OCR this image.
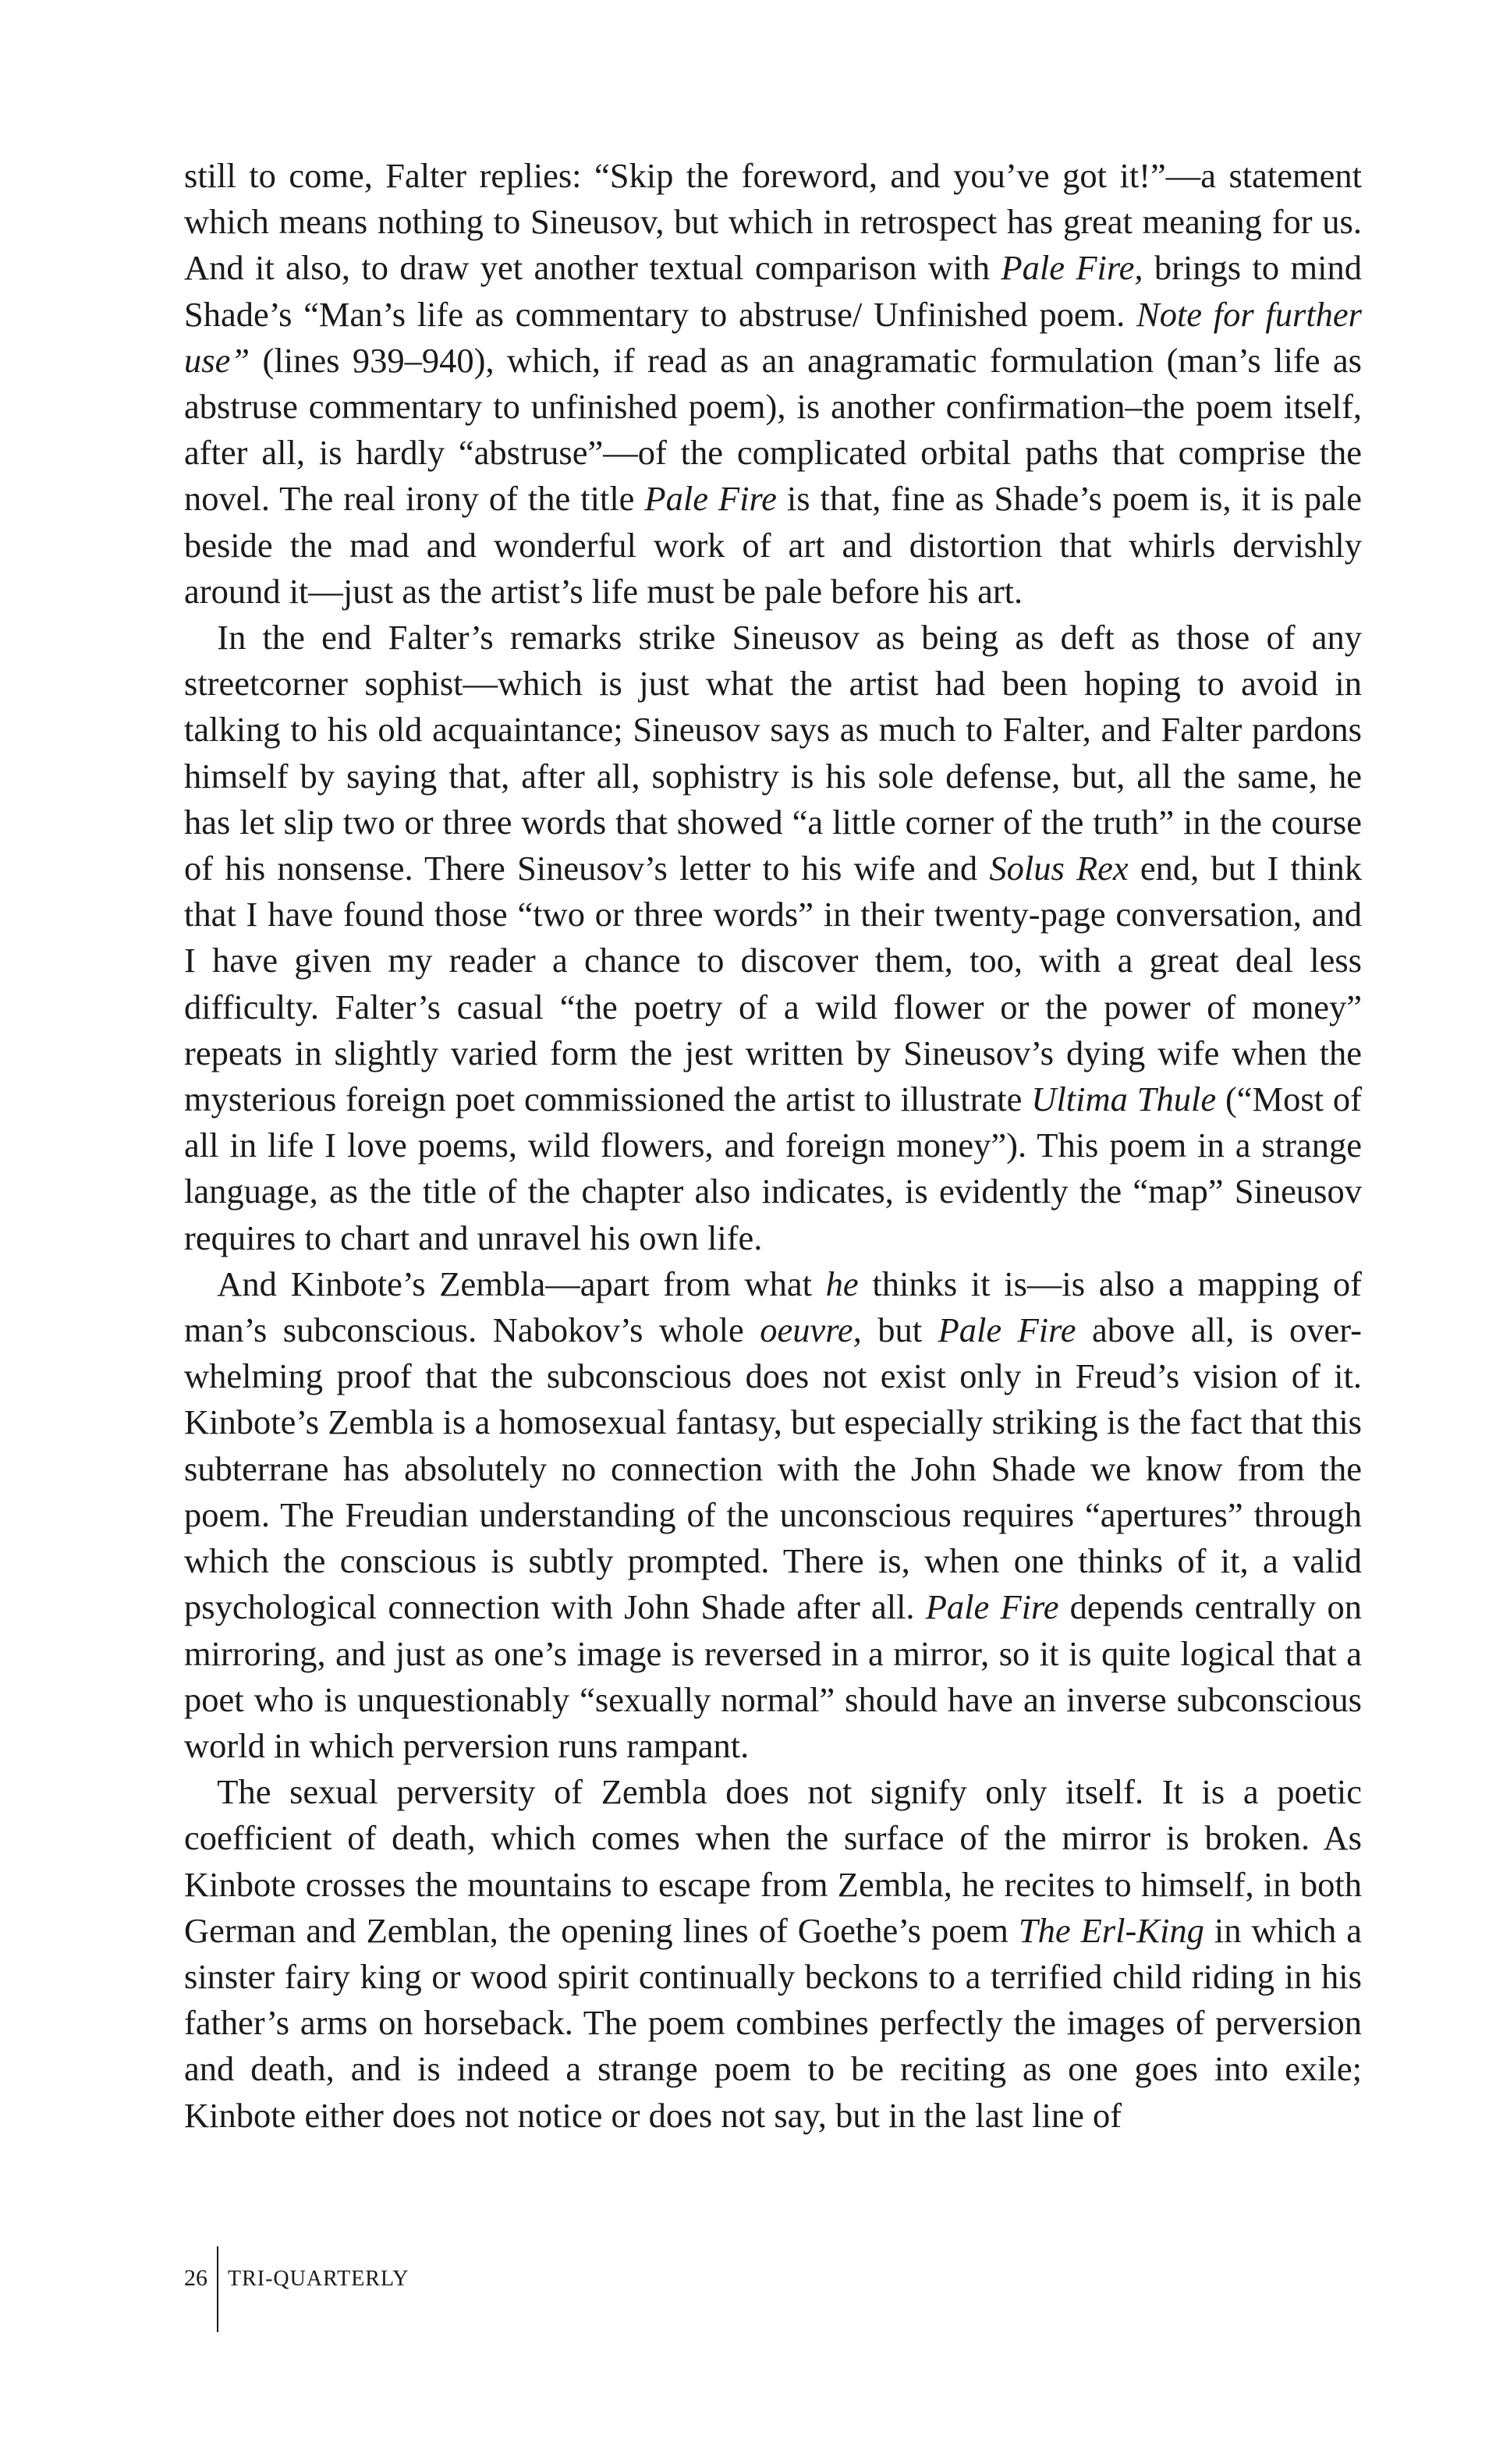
still to come, Falter replies: “Skip the foreword, and you’ve got it!”—a statement which means nothing to Sineusov, but which in retrospect has great meaning for us. And it also, to draw yet another textual comparison with Pale Fire, brings to mind Shade’s “Man’s life as commentary to abstruse/ Unfinished poem. Note for further use” (lines 939–940), which, if read as an anagramatic formulation (man’s life as abstruse commentary to unfinished poem), is another confirmation–the poem itself, after all, is hardly “abstruse”—of the complicated orbital paths that comprise the novel. The real irony of the title Pale Fire is that, fine as Shade’s poem is, it is pale beside the mad and wonderful work of art and distortion that whirls dervishly around it—just as the artist’s life must be pale before his art.

In the end Falter’s remarks strike Sineusov as being as deft as those of any streetcorner sophist—which is just what the artist had been hoping to avoid in talking to his old acquaintance; Sineusov says as much to Falter, and Falter pardons himself by saying that, after all, sophistry is his sole defense, but, all the same, he has let slip two or three words that showed “a little corner of the truth” in the course of his nonsense. There Sineusov’s letter to his wife and Solus Rex end, but I think that I have found those “two or three words” in their twenty-page conversation, and I have given my reader a chance to discover them, too, with a great deal less difficulty. Falter’s casual “the poetry of a wild flower or the power of money” repeats in slightly varied form the jest written by Sineusov’s dying wife when the mysterious foreign poet commissioned the artist to illustrate Ultima Thule (“Most of all in life I love poems, wild flowers, and foreign money”). This poem in a strange language, as the title of the chapter also indicates, is evidently the “map” Sineusov requires to chart and unravel his own life.

And Kinbote’s Zembla—apart from what he thinks it is—is also a mapping of man’s subconscious. Nabokov’s whole oeuvre, but Pale Fire above all, is over-whelming proof that the subconscious does not exist only in Freud’s vision of it. Kinbote’s Zembla is a homosexual fantasy, but especially striking is the fact that this subterrane has absolutely no connection with the John Shade we know from the poem. The Freudian understanding of the unconscious requires “apertures” through which the conscious is subtly prompted. There is, when one thinks of it, a valid psychological connection with John Shade after all. Pale Fire depends centrally on mirroring, and just as one’s image is reversed in a mirror, so it is quite logical that a poet who is unquestionably “sexually normal” should have an inverse subconscious world in which perversion runs rampant.

The sexual perversity of Zembla does not signify only itself. It is a poetic coefficient of death, which comes when the surface of the mirror is broken. As Kinbote crosses the mountains to escape from Zembla, he recites to himself, in both German and Zemblan, the opening lines of Goethe’s poem The Erl-King in which a sinster fairy king or wood spirit continually beckons to a terrified child riding in his father’s arms on horseback. The poem combines perfectly the images of perversion and death, and is indeed a strange poem to be reciting as one goes into exile; Kinbote either does not notice or does not say, but in the last line of

26 TRI-QUARTERLY
